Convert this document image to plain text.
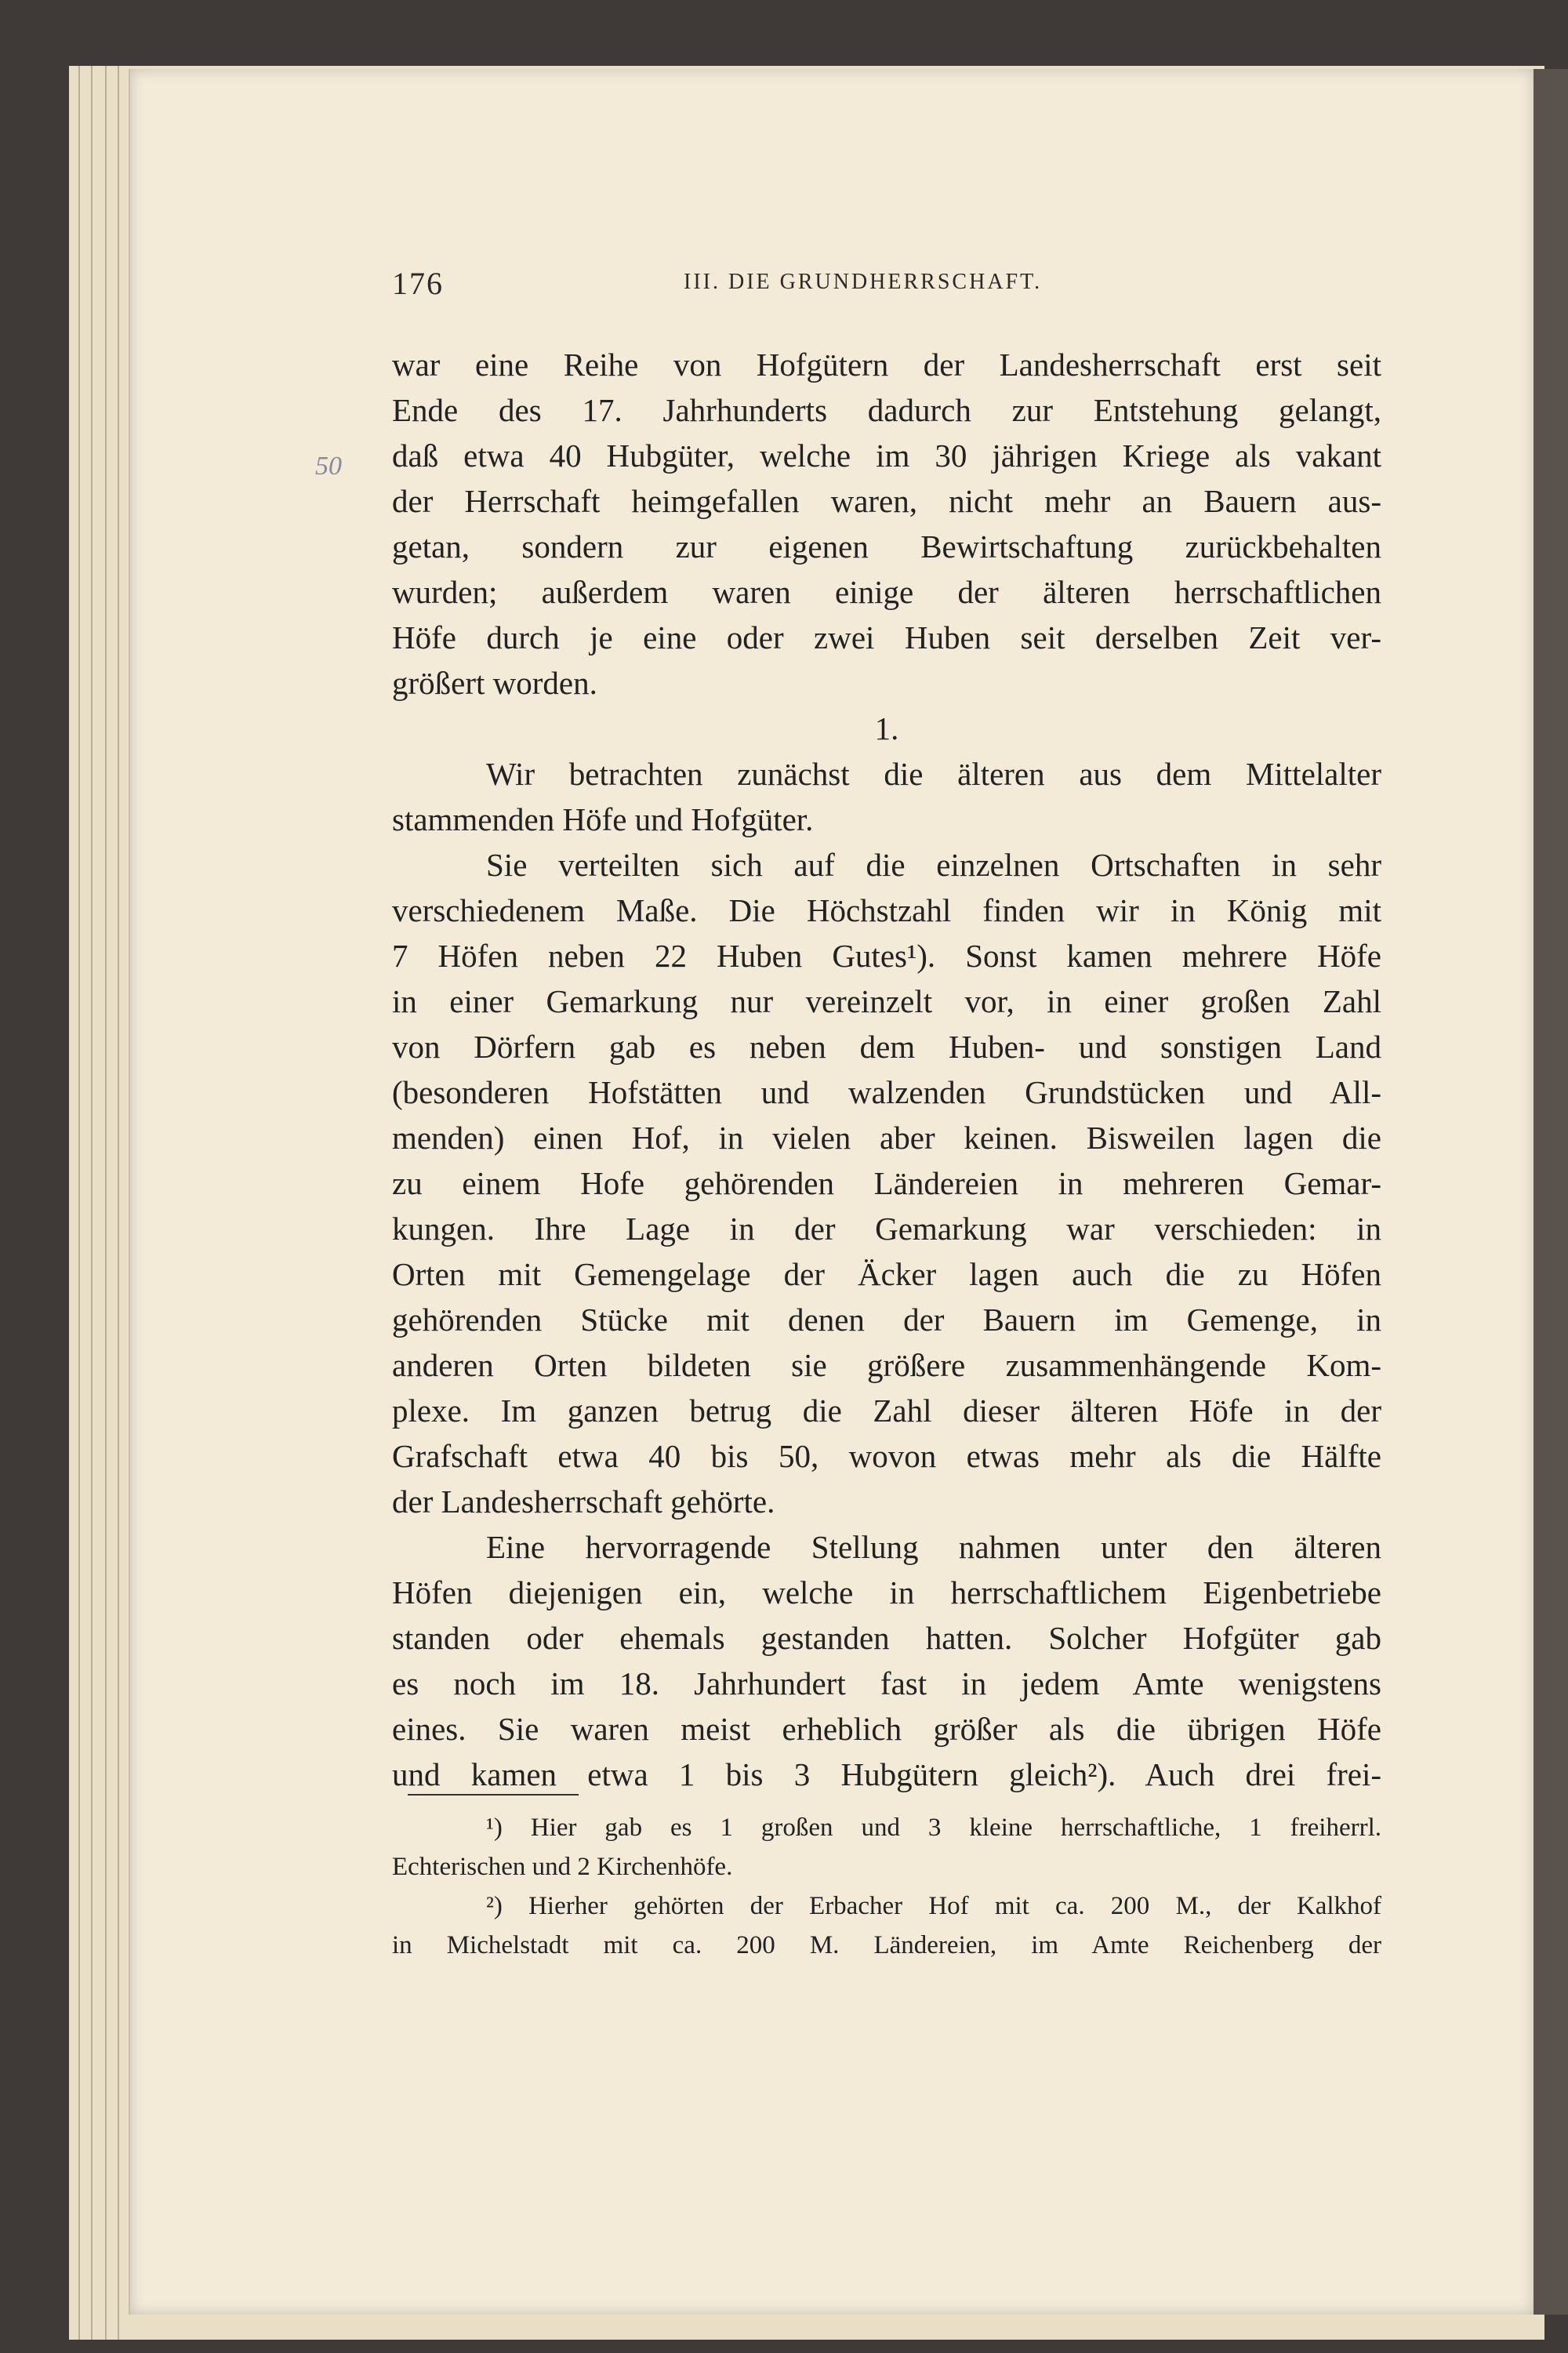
176	III. DIE GRUNDHERRSCHAFT.
50
war eine Reihe von Hofgütern der Landesherrschaft erst seit
Ende des 17. Jahrhunderts dadurch zur Entstehung gelangt,
daß etwa 40 Hubgüter, welche im 30 jährigen Kriege als vakant
der Herrschaft heimgefallen waren, nicht mehr an Bauern aus-
getan, sondern zur eigenen Bewirtschaftung zurückbehalten
wurden; außerdem waren einige der älteren herrschaftlichen
Höfe durch je eine oder zwei Huben seit derselben Zeit ver-
größert worden.
1.
Wir betrachten zunächst die älteren aus dem Mittelalter
stammenden Höfe und Hofgüter.
Sie verteilten sich auf die einzelnen Ortschaften in sehr
verschiedenem Maße. Die Höchstzahl finden wir in König mit
7 Höfen neben 22 Huben Gutes¹). Sonst kamen mehrere Höfe
in einer Gemarkung nur vereinzelt vor, in einer großen Zahl
von Dörfern gab es neben dem Huben- und sonstigen Land
(besonderen Hofstätten und walzenden Grundstücken und All-
menden) einen Hof, in vielen aber keinen. Bisweilen lagen die
zu einem Hofe gehörenden Ländereien in mehreren Gemar-
kungen. Ihre Lage in der Gemarkung war verschieden: in
Orten mit Gemengelage der Äcker lagen auch die zu Höfen
gehörenden Stücke mit denen der Bauern im Gemenge, in
anderen Orten bildeten sie größere zusammenhängende Kom-
plexe. Im ganzen betrug die Zahl dieser älteren Höfe in der
Grafschaft etwa 40 bis 50, wovon etwas mehr als die Hälfte
der Landesherrschaft gehörte.
Eine hervorragende Stellung nahmen unter den älteren
Höfen diejenigen ein, welche in herrschaftlichem Eigenbetriebe
standen oder ehemals gestanden hatten. Solcher Hofgüter gab
es noch im 18. Jahrhundert fast in jedem Amte wenigstens
eines. Sie waren meist erheblich größer als die übrigen Höfe
und kamen etwa 1 bis 3 Hubgütern gleich²). Auch drei frei-
¹) Hier gab es 1 großen und 3 kleine herrschaftliche, 1 freiherrl.
Echterischen und 2 Kirchenhöfe.
²) Hierher gehörten der Erbacher Hof mit ca. 200 M., der Kalkhof
in Michelstadt mit ca. 200 M. Ländereien, im Amte Reichenberg der
